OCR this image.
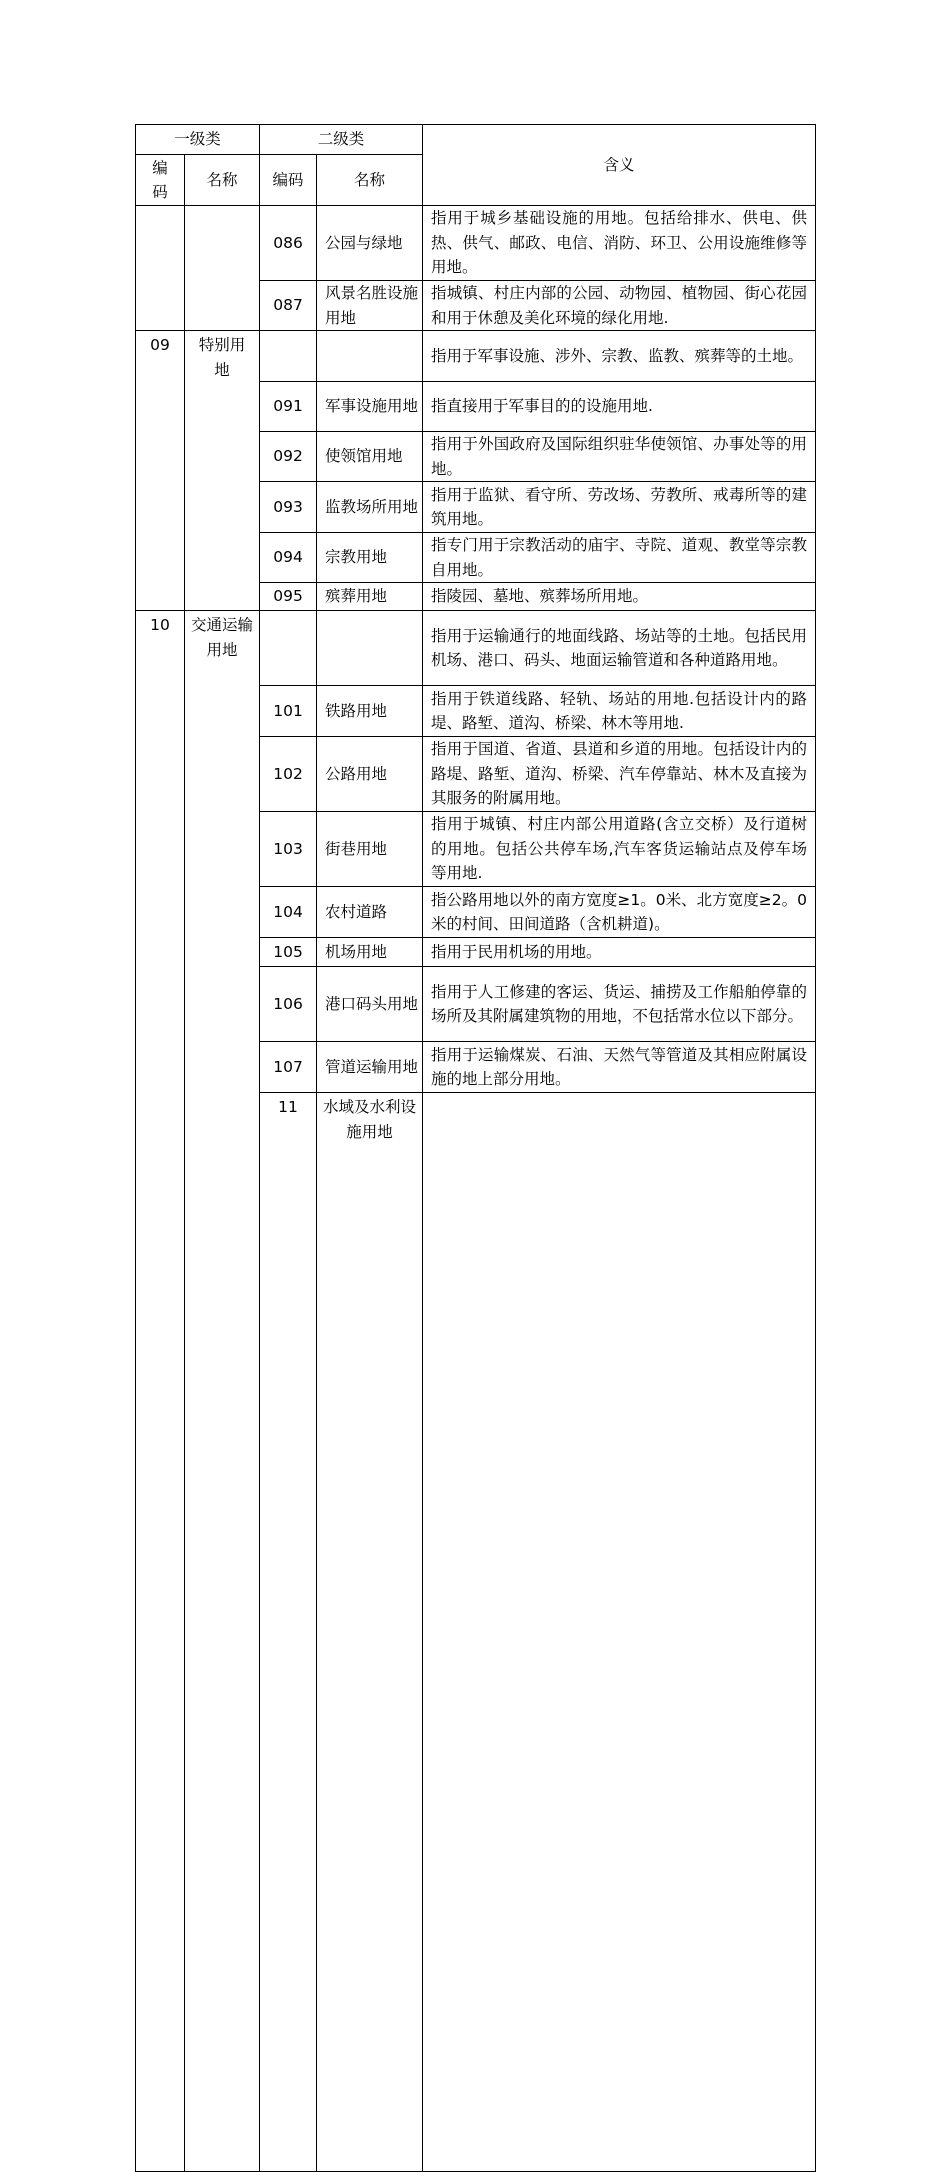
一级类		二级类		含义	
编
码	名称	编码	名称		
		086	公园与绿地	指用于城乡基础设施的用地。包括给排水、供电、供热、供气、邮政、电信、消防、环卫、公用设施维修等用地。	
		087	风景名胜设施用地	指城镇、村庄内部的公园、动物园、植物园、街心花园和用于休憩及美化环境的绿化用地.	
09	特别用地			指用于军事设施、涉外、宗教、监教、殡葬等的土地。	
		091	军事设施用地	指直接用于军事目的的设施用地.	
		092	使领馆用地	指用于外国政府及国际组织驻华使领馆、办事处等的用地。	
		093	监教场所用地	指用于监狱、看守所、劳改场、劳教所、戒毒所等的建筑用地。	
		094	宗教用地	指专门用于宗教活动的庙宇、寺院、道观、教堂等宗教自用地。	
		095	殡葬用地	指陵园、墓地、殡葬场所用地。	
10	交通运输用地			指用于运输通行的地面线路、场站等的土地。包括民用机场、港口、码头、地面运输管道和各种道路用地。	
		101	铁路用地	指用于铁道线路、轻轨、场站的用地.包括设计内的路堤、路堑、道沟、桥梁、林木等用地.	
		102	公路用地	指用于国道、省道、县道和乡道的用地。包括设计内的路堤、路堑、道沟、桥梁、汽车停靠站、林木及直接为其服务的附属用地。	
		103	街巷用地	指用于城镇、村庄内部公用道路(含立交桥）及行道树的用地。包括公共停车场,汽车客货运输站点及停车场等用地.	
		104	农村道路	指公路用地以外的南方宽度≥1。0米、北方宽度≥2。0米的村间、田间道路（含机耕道)。	
		105	机场用地	指用于民用机场的用地。	
		106	港口码头用地	指用于人工修建的客运、货运、捕捞及工作船舶停靠的场所及其附属建筑物的用地，不包括常水位以下部分。	
		107	管道运输用地	指用于运输煤炭、石油、天然气等管道及其相应附属设施的地上部分用地。	
		11	水域及水利设施用地			
